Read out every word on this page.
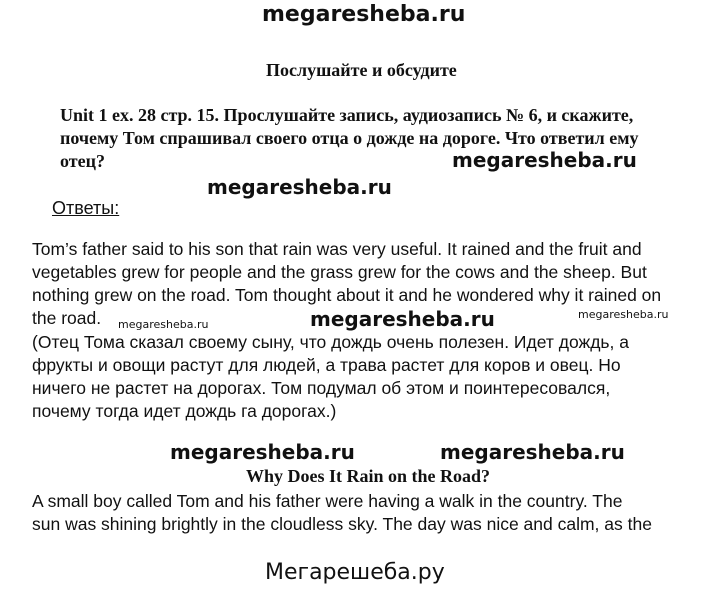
megaresheba.ru
Послушайте и обсудите
Unit 1 ex. 28 стр. 15. Прослушайте запись, аудиозапись № 6, и скажите,
почему Том спрашивал своего отца о дожде на дороге. Что ответил ему
отец?	megaresheba.ru
megaresheba.ru
Ответы:
Tom’s father said to his son that rain was very useful. It rained and the fruit and
vegetables grew for people and the grass grew for the cows and the sheep. But
nothing grew on the road. Tom thought about it and he wondered why it rained on
the road. megaresheba.ru	megaresheba.ru	megaresheba.ru
(Отец Тома сказал своему сыну, что дождь очень полезен. Идет дождь, а
фрукты и овощи растут для людей, а трава растет для коров и овец. Но
ничего не растет на дорогах. Том подумал об этом и поинтересовался,
почему тогда идет дождь га дорогах.)
megaresheba.ru	megaresheba.ru
Why Does It Rain on the Road?
A small boy called Tom and his father were having a walk in the country. The
sun was shining brightly in the cloudless sky. The day was nice and calm, as the
Мегарешеба.ру
